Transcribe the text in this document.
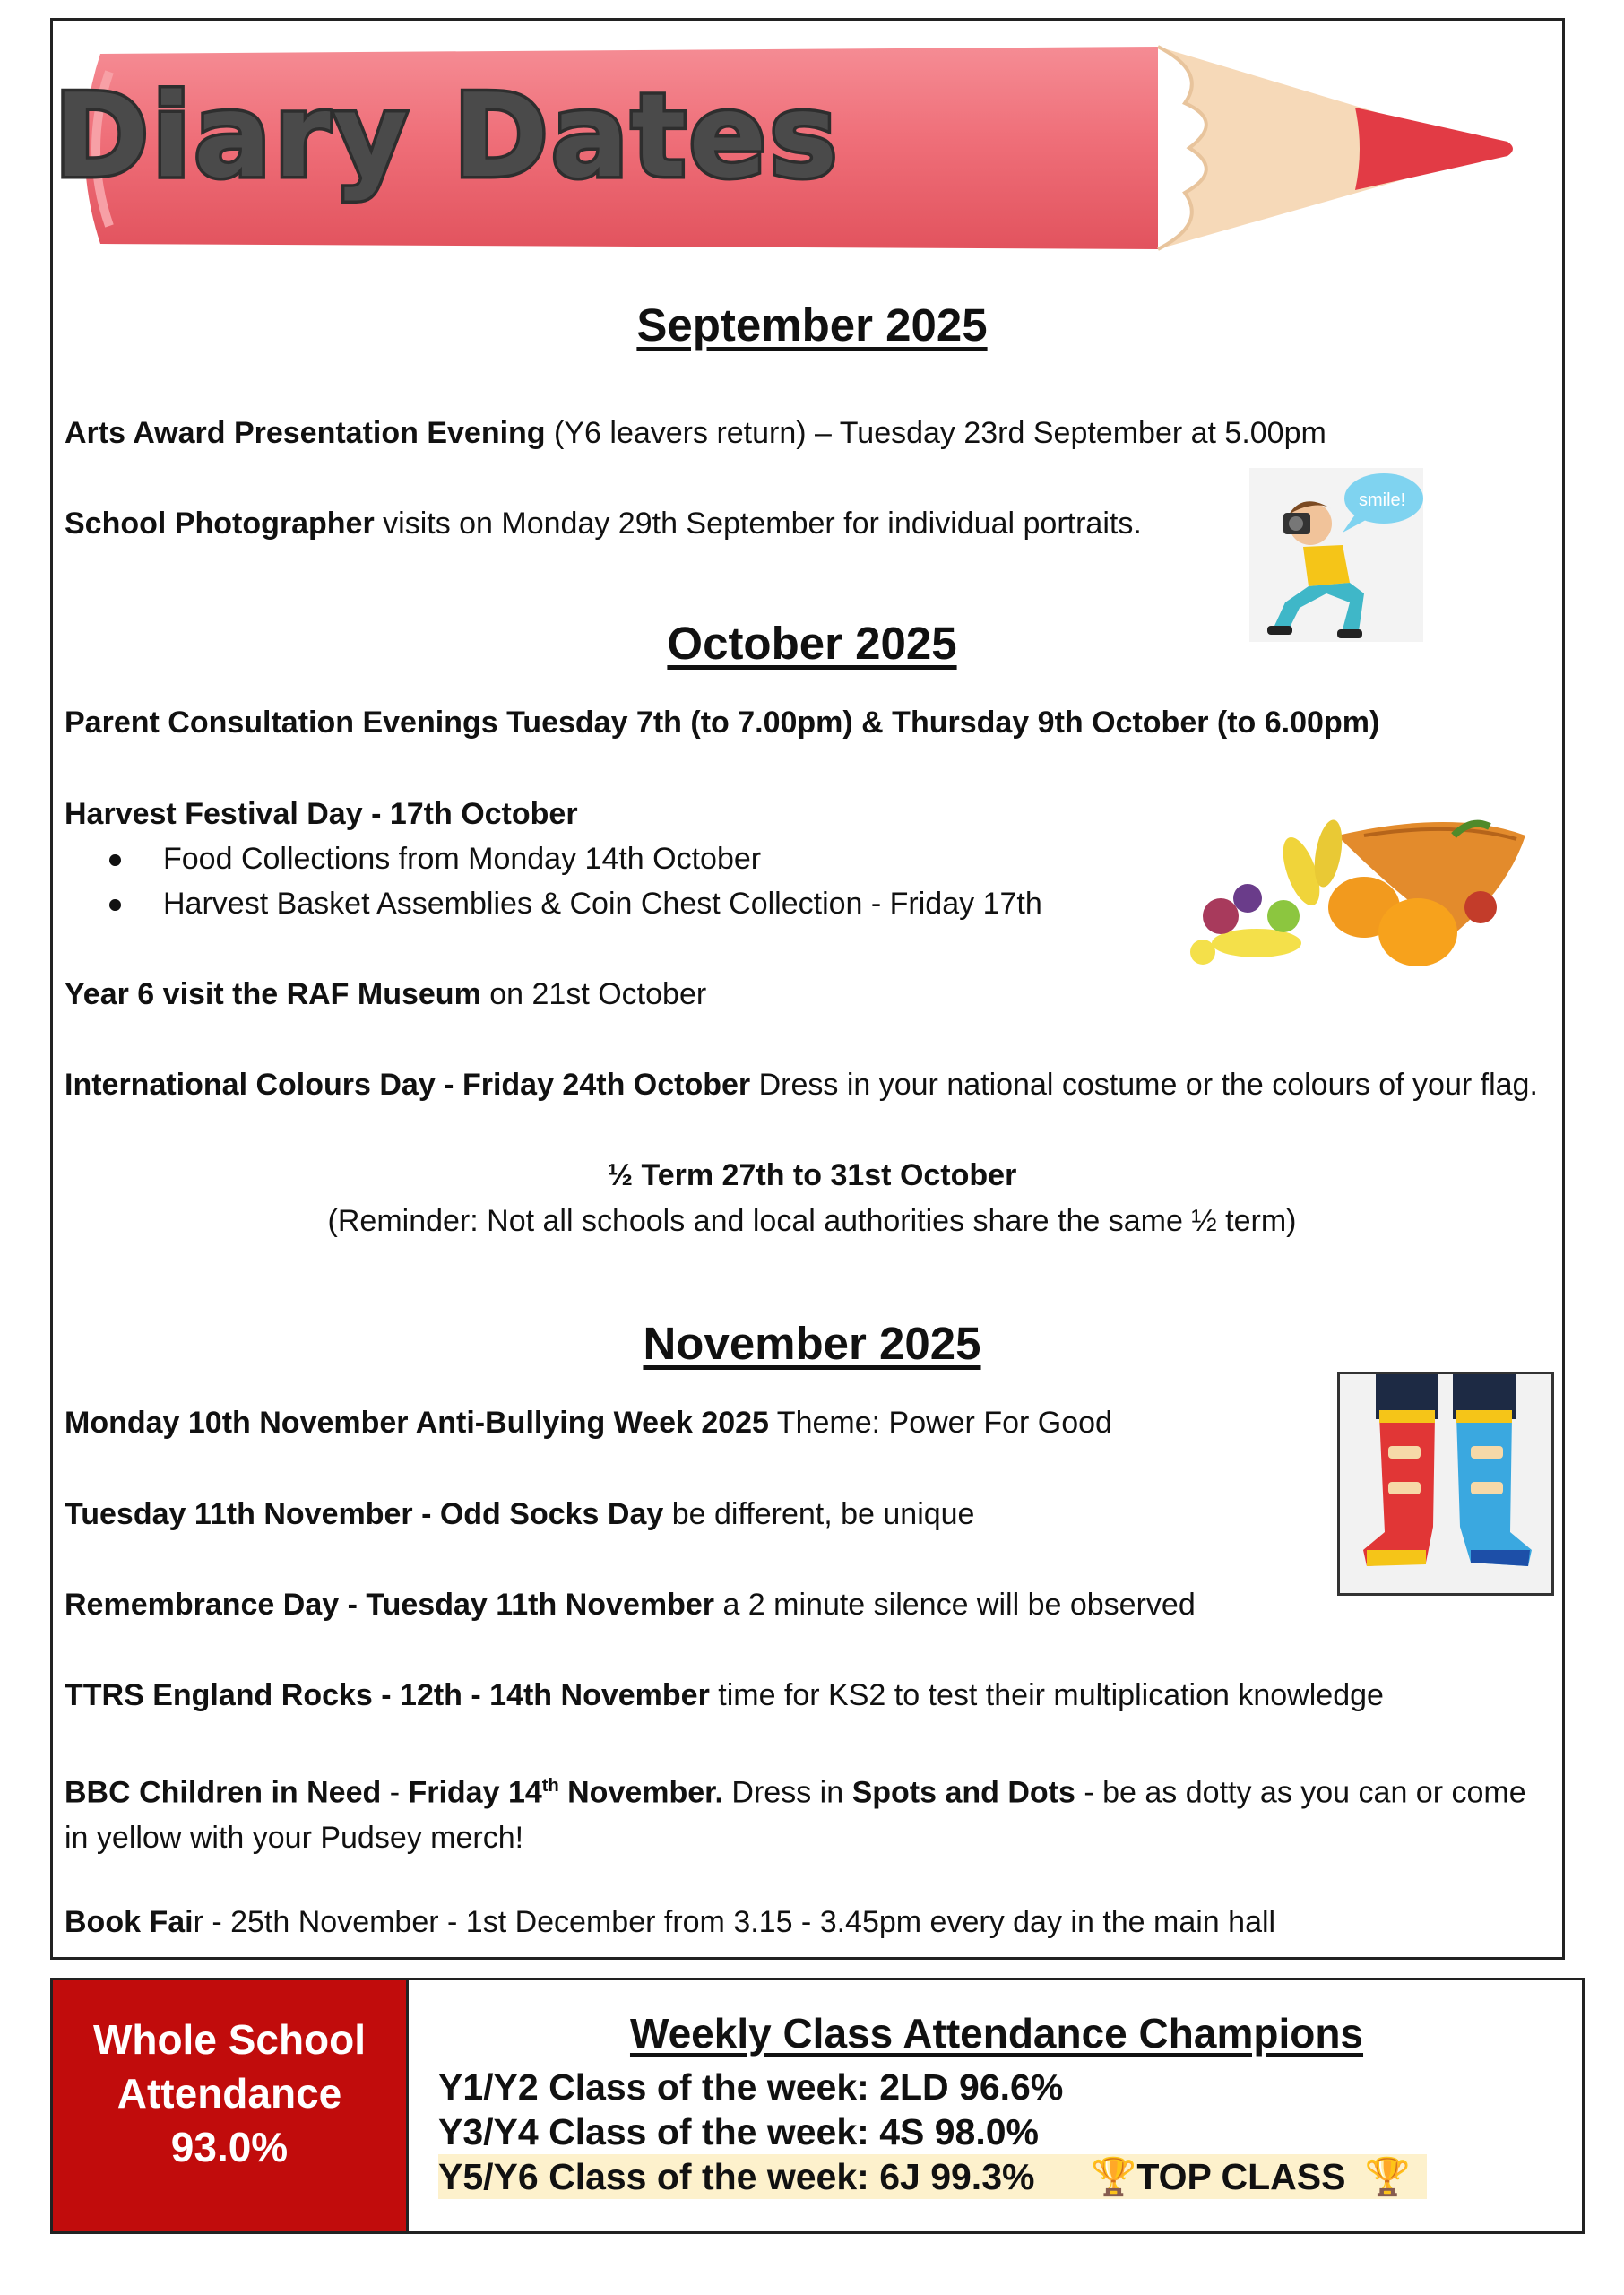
Diary Dates
September 2025
Arts Award Presentation Evening (Y6 leavers return) – Tuesday 23rd September at 5.00pm
School Photographer visits on Monday 29th September for individual portraits.
smile!
October 2025
Parent Consultation Evenings Tuesday 7th (to 7.00pm) & Thursday 9th October (to 6.00pm)
Harvest Festival Day - 17th October
Food Collections from Monday 14th October
Harvest Basket Assemblies & Coin Chest Collection - Friday 17th
Year 6 visit the RAF Museum on 21st October
International Colours Day - Friday 24th October Dress in your national costume or the colours of your flag.
½ Term 27th to 31st October
(Reminder: Not all schools and local authorities share the same ½ term)
November 2025
Monday 10th November Anti-Bullying Week 2025 Theme: Power For Good
Tuesday 11th November - Odd Socks Day be different, be unique
Remembrance Day - Tuesday 11th November a 2 minute silence will be observed
TTRS England Rocks - 12th - 14th November time for KS2 to test their multiplication knowledge
BBC Children in Need - Friday 14th November. Dress in Spots and Dots - be as dotty as you can or come in yellow with your Pudsey merch!
Book Fair - 25th November - 1st December from 3.15 - 3.45pm every day in the main hall
Whole School
Attendance
93.0%
Weekly Class Attendance Champions
Y1/Y2 Class of the week: 2LD 96.6%
Y3/Y4 Class of the week: 4S 98.0%
Y5/Y6 Class of the week: 6J 99.3% 🏆TOP CLASS 🏆
